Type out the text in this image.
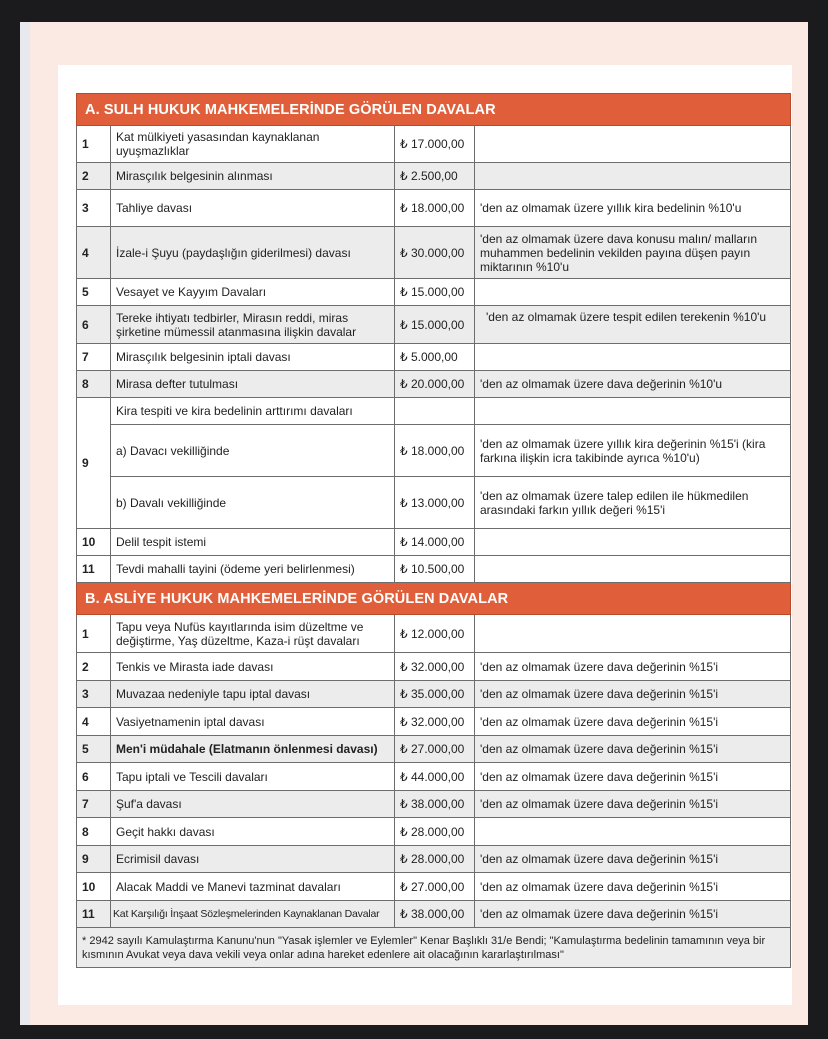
A. SULH HUKUK MAHKEMELERİNDE GÖRÜLEN DAVALAR			
1	Kat mülkiyeti yasasından kaynaklanan uyuşmazlıklar	₺ 17.000,00	
2	Mirasçılık belgesinin alınması	₺ 2.500,00	
3	Tahliye davası	₺ 18.000,00	'den az olmamak üzere yıllık kira bedelinin %10'u
4	İzale-i Şuyu (paydaşlığın giderilmesi) davası	₺ 30.000,00	'den az olmamak üzere dava konusu malın/ malların muhammen bedelinin vekilden payına düşen payın miktarının %10'u
5	Vesayet ve Kayyım Davaları	₺ 15.000,00	
6	Tereke ihtiyatı tedbirler, Mirasın reddi, miras şirketine mümessil atanmasına ilişkin davalar	₺ 15.000,00	'den az olmamak üzere tespit edilen terekenin %10'u
7	Mirasçılık belgesinin iptali davası	₺ 5.000,00	
8	Mirasa defter tutulması	₺ 20.000,00	'den az olmamak üzere dava değerinin %10'u
9	Kira tespiti ve kira bedelinin arttırımı davaları		
	a) Davacı vekilliğinde	₺ 18.000,00	'den az olmamak üzere yıllık kira değerinin %15'i (kira farkına ilişkin icra takibinde ayrıca %10'u)
	b) Davalı vekilliğinde	₺ 13.000,00	'den az olmamak üzere talep edilen ile hükmedilen arasındaki farkın yıllık değeri %15'i
10	Delil tespit istemi	₺ 14.000,00	
11	Tevdi mahalli tayini (ödeme yeri belirlenmesi)	₺ 10.500,00	
B. ASLİYE HUKUK MAHKEMELERİNDE GÖRÜLEN DAVALAR			
1	Tapu veya Nufüs kayıtlarında isim düzeltme ve değiştirme, Yaş düzeltme, Kaza-i rüşt davaları	₺ 12.000,00	
2	Tenkis ve Mirasta iade davası	₺ 32.000,00	'den az olmamak üzere dava değerinin %15'i
3	Muvazaa nedeniyle tapu iptal davası	₺ 35.000,00	'den az olmamak üzere dava değerinin %15'i
4	Vasiyetnamenin iptal davası	₺ 32.000,00	'den az olmamak üzere dava değerinin %15'i
5	Men'i müdahale (Elatmanın önlenmesi davası)	₺ 27.000,00	'den az olmamak üzere dava değerinin %15'i
6	Tapu iptali ve Tescili davaları	₺ 44.000,00	'den az olmamak üzere dava değerinin %15'i
7	Şuf'a davası	₺ 38.000,00	'den az olmamak üzere dava değerinin %15'i
8	Geçit hakkı davası	₺ 28.000,00	
9	Ecrimisil davası	₺ 28.000,00	'den az olmamak üzere dava değerinin %15'i
10	Alacak Maddi ve Manevi tazminat davaları	₺ 27.000,00	'den az olmamak üzere dava değerinin %15'i
11	Kat Karşılığı İnşaat Sözleşmelerinden Kaynaklanan Davalar	₺ 38.000,00	'den az olmamak üzere dava değerinin %15'i
* 2942 sayılı Kamulaştırma Kanunu'nun "Yasak işlemler ve Eylemler" Kenar Başlıklı 31/e Bendi; "Kamulaştırma bedelinin tamamının veya bir kısmının Avukat veya dava vekili veya onlar adına hareket edenlere ait olacağının kararlaştırılması"			
